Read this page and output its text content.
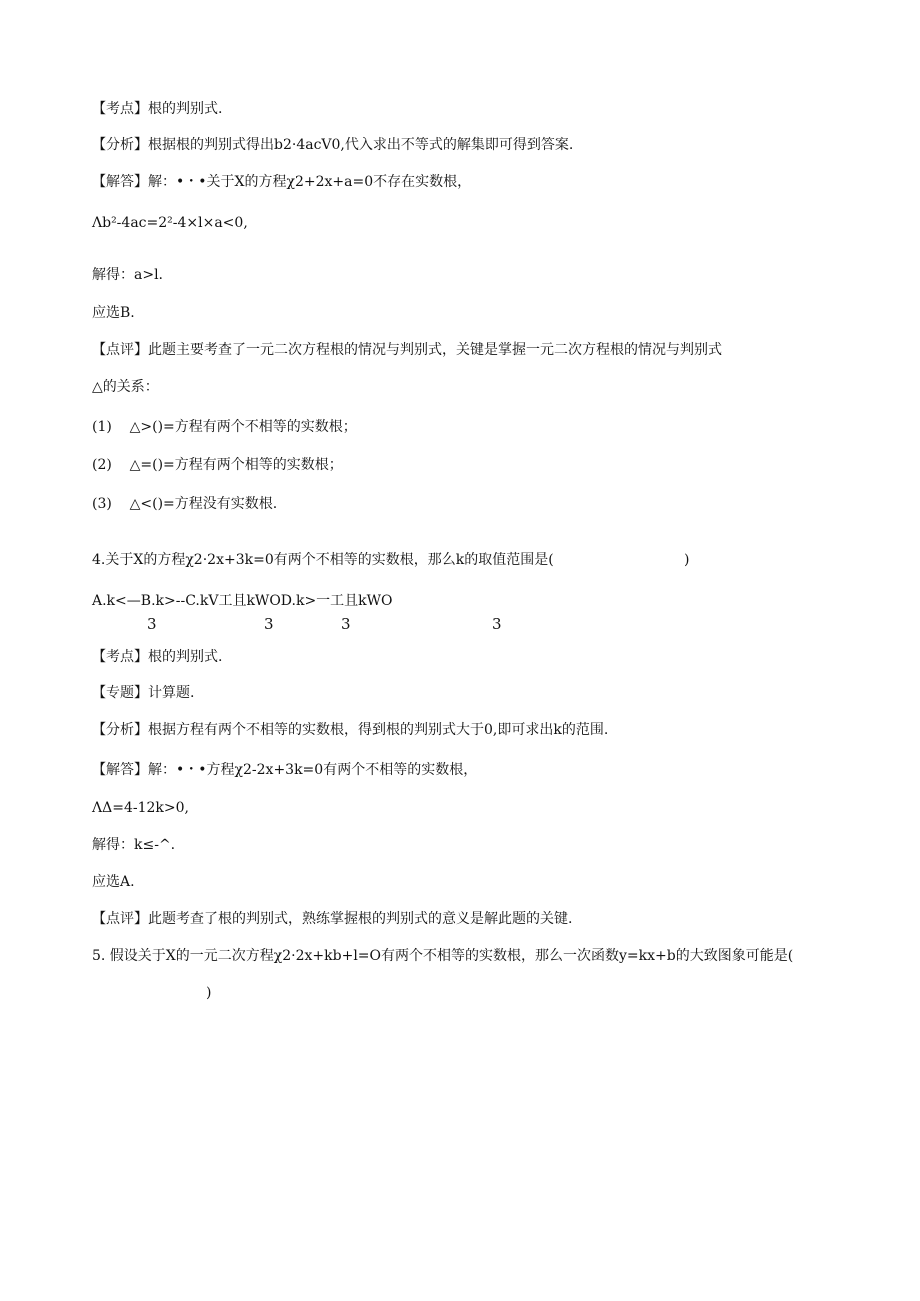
【考点】根的判别式.
【分析】根据根的判别式得出b2·4acV0,代入求出不等式的解集即可得到答案.
【解答】解：•・•关于X的方程χ2+2x+a=0不存在实数根，
Λb²-4ac=2²-4×l×a<0,
解得：a>l.
应选B.
【点评】此题主要考查了一元二次方程根的情况与判别式，关键是掌握一元二次方程根的情况与判别式
△的关系：
(1)    △>()=方程有两个不相等的实数根；
(2)    △=()=方程有两个相等的实数根；
(3)    △<()=方程没有实数根.
4.关于X的方程χ2·2x+3k=0有两个不相等的实数根，那么k的取值范围是(	)
A.k<—B.k>--C.kV工且kWOD.k>一工且kWO
3	3	3	3
【考点】根的判别式.
【专题】计算题.
【分析】根据方程有两个不相等的实数根，得到根的判别式大于0,即可求出k的范围.
【解答】解：•・•方程χ2-2x+3k=0有两个不相等的实数根，
ΛΔ=4-12k>0,
解得：k≤-^.
应选A.
【点评】此题考查了根的判别式，熟练掌握根的判别式的意义是解此题的关键.
5. 假设关于X的一元二次方程χ2·2x+kb+l=O有两个不相等的实数根，那么一次函数y=kx+b的大致图象可能是(
)
